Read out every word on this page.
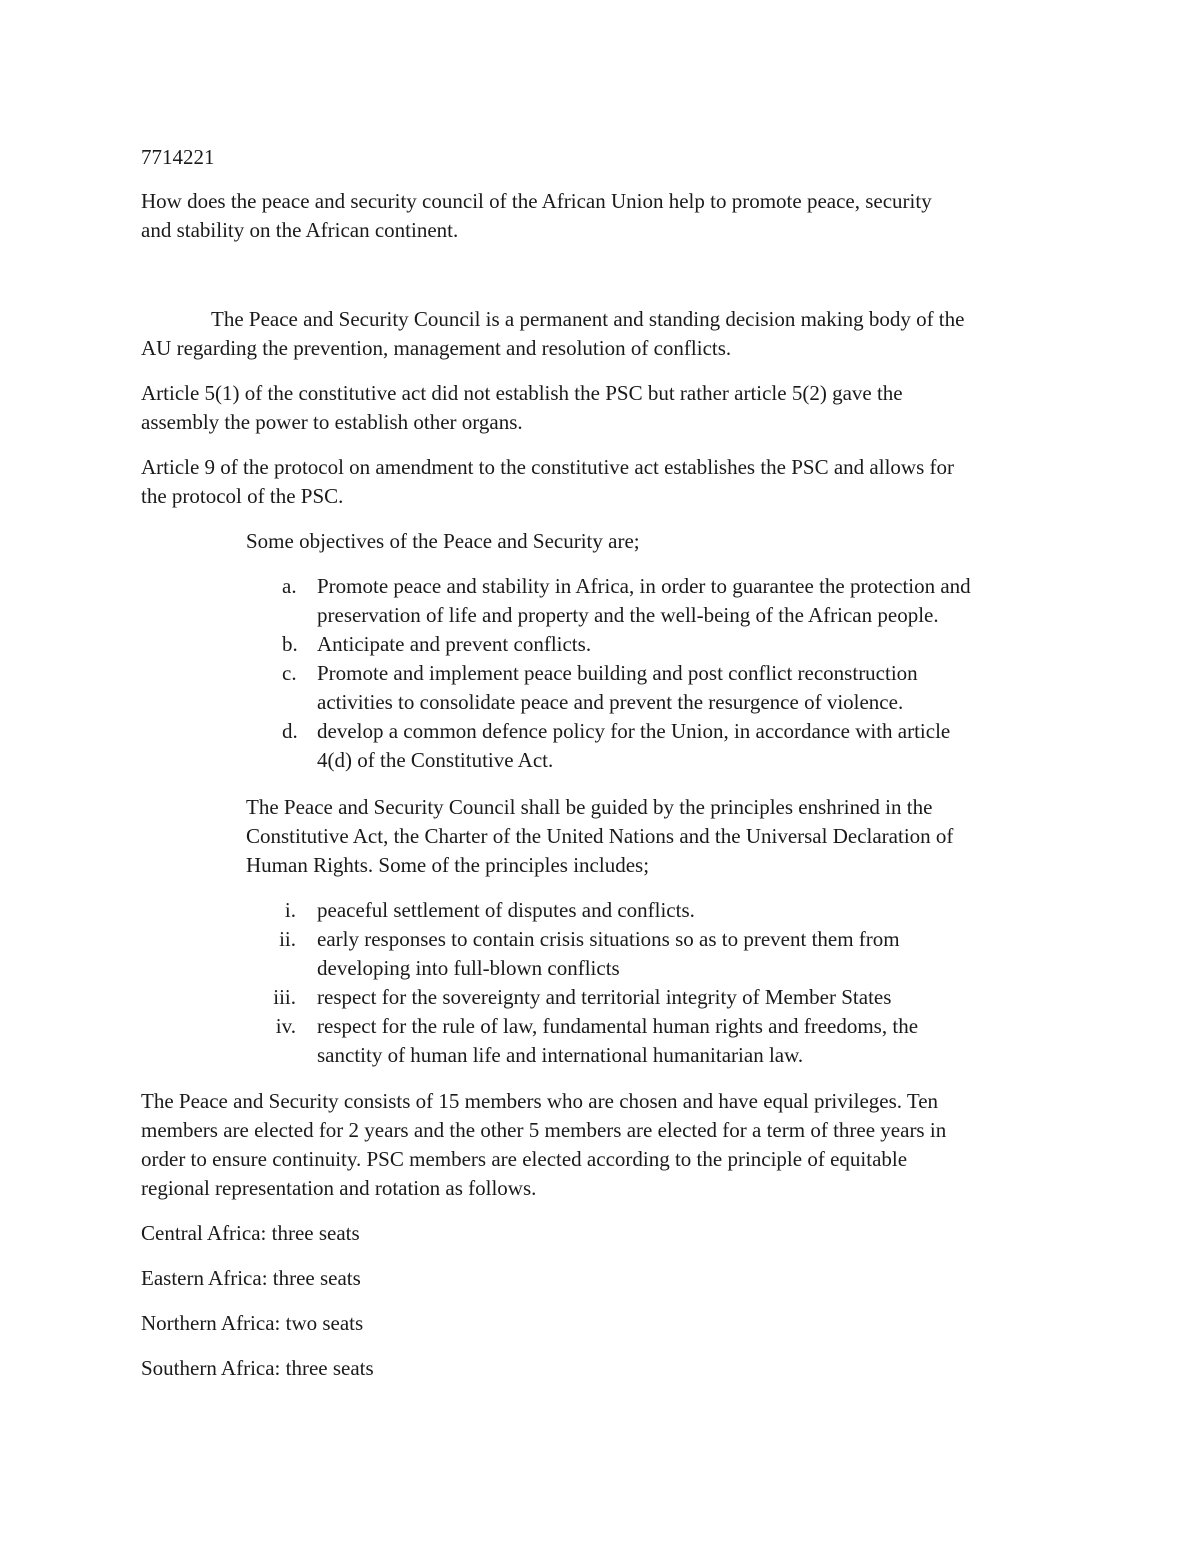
7714221

How does the peace and security council of the African Union help to promote peace, security

and stability on the African continent.

The Peace and Security Council is a permanent and standing decision making body of the

AU regarding the prevention, management and resolution of conflicts.

Article 5(1) of the constitutive act did not establish the PSC but rather article 5(2) gave the

assembly the power to establish other organs.

Article 9 of the protocol on amendment to the constitutive act establishes the PSC and allows for

the protocol of the PSC.

Some objectives of the Peace and Security are;

a. Promote peace and stability in Africa, in order to guarantee the protection and
preservation of life and property and the well-being of the African people.
b. Anticipate and prevent conflicts.
c. Promote and implement peace building and post conflict reconstruction
activities to consolidate peace and prevent the resurgence of violence.
d. develop a common defence policy for the Union, in accordance with article
4(d) of the Constitutive Act.

The Peace and Security Council shall be guided by the principles enshrined in the

Constitutive Act, the Charter of the United Nations and the Universal Declaration of

Human Rights. Some of the principles includes;

i. peaceful settlement of disputes and conflicts.
ii. early responses to contain crisis situations so as to prevent them from
developing into full-blown conflicts
iii. respect for the sovereignty and territorial integrity of Member States
iv. respect for the rule of law, fundamental human rights and freedoms, the
sanctity of human life and international humanitarian law.

The Peace and Security consists of 15 members who are chosen and have equal privileges. Ten

members are elected for 2 years and the other 5 members are elected for a term of three years in

order to ensure continuity. PSC members are elected according to the principle of equitable

regional representation and rotation as follows.

Central Africa: three seats

Eastern Africa: three seats

Northern Africa: two seats

Southern Africa: three seats
